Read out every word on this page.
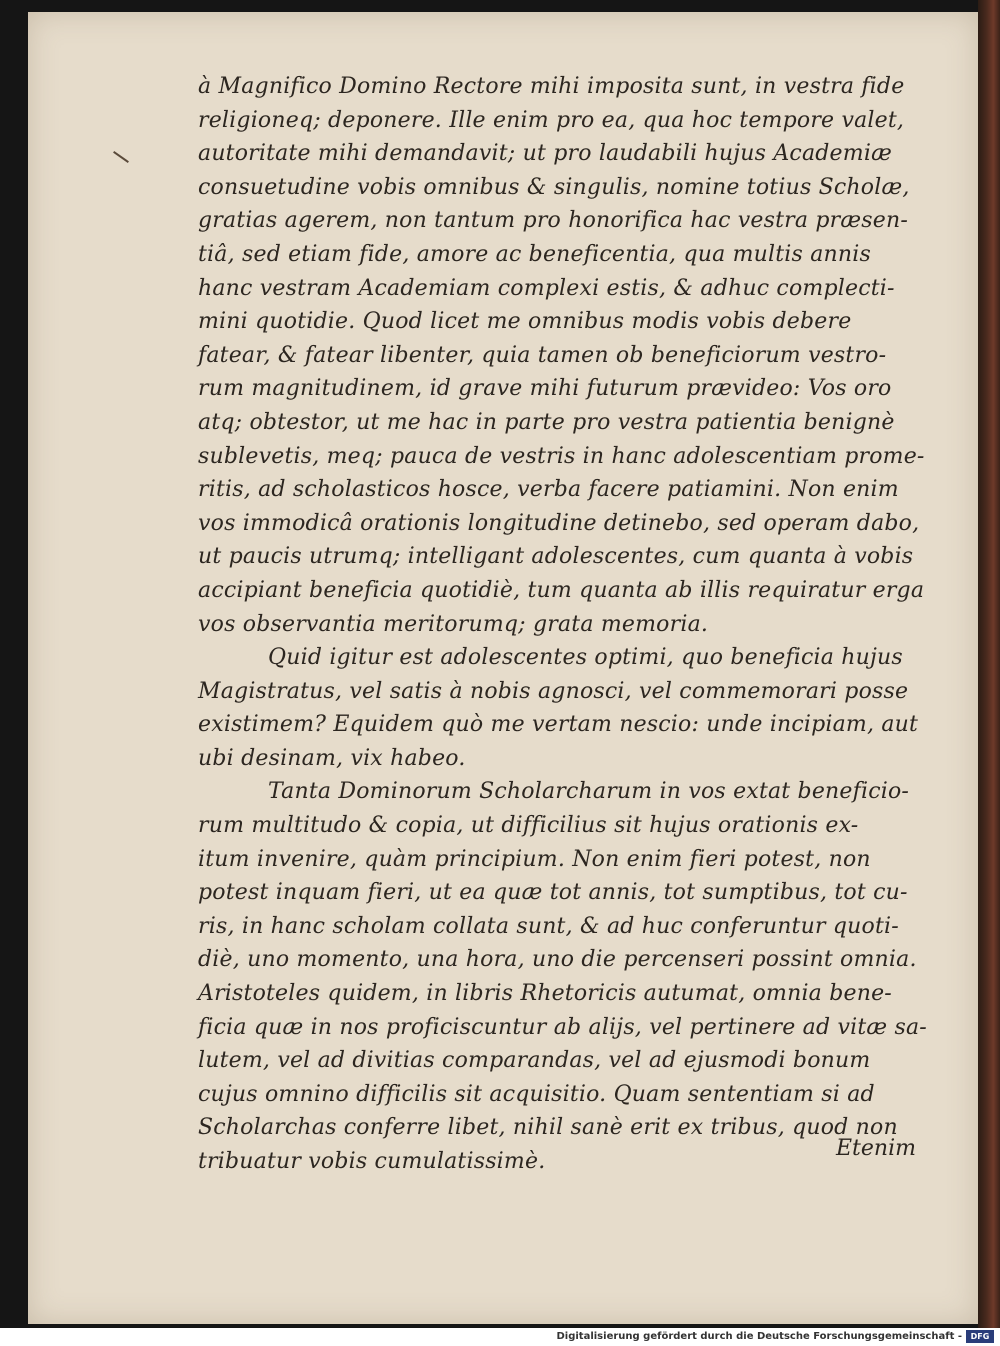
à Magnifico Domino Rectore mihi imposita sunt, in vestra fide
religioneq; deponere. Ille enim pro ea, qua hoc tempore valet,
autoritate mihi demandavit; ut pro laudabili hujus Academiæ
consuetudine vobis omnibus & singulis, nomine totius Scholæ,
gratias agerem, non tantum pro honorifica hac vestra præsen-
tiâ, sed etiam fide, amore ac beneficentia, qua multis annis
hanc vestram Academiam complexi estis, & adhuc complecti-
mini quotidie. Quod licet me omnibus modis vobis debere
fatear, & fatear libenter, quia tamen ob beneficiorum vestro-
rum magnitudinem, id grave mihi futurum prævideo: Vos oro
atq; obtestor, ut me hac in parte pro vestra patientia benignè
sublevetis, meq; pauca de vestris in hanc adolescentiam prome-
ritis, ad scholasticos hosce, verba facere patiamini. Non enim
vos immodicâ orationis longitudine detinebo, sed operam dabo,
ut paucis utrumq; intelligant adolescentes, cum quanta à vobis
accipiant beneficia quotidiè, tum quanta ab illis requiratur erga
vos observantia meritorumq; grata memoria.
Quid igitur est adolescentes optimi, quo beneficia hujus
Magistratus, vel satis à nobis agnosci, vel commemorari posse
existimem? Equidem quò me vertam nescio: unde incipiam, aut
ubi desinam, vix habeo.
Tanta Dominorum Scholarcharum in vos extat beneficio-
rum multitudo & copia, ut difficilius sit hujus orationis ex-
itum invenire, quàm principium. Non enim fieri potest, non
potest inquam fieri, ut ea quæ tot annis, tot sumptibus, tot cu-
ris, in hanc scholam collata sunt, & ad huc conferuntur quoti-
diè, uno momento, una hora, uno die percenseri possint omnia.
Aristoteles quidem, in libris Rhetoricis autumat, omnia bene-
ficia quæ in nos proficiscuntur ab alijs, vel pertinere ad vitæ sa-
lutem, vel ad divitias comparandas, vel ad ejusmodi bonum
cujus omnino difficilis sit acquisitio. Quam sententiam si ad
Scholarchas conferre libet, nihil sanè erit ex tribus, quod non
tribuatur vobis cumulatissimè.
Etenim
Digitalisierung gefördert durch die Deutsche Forschungsgemeinschaft -	DFG
